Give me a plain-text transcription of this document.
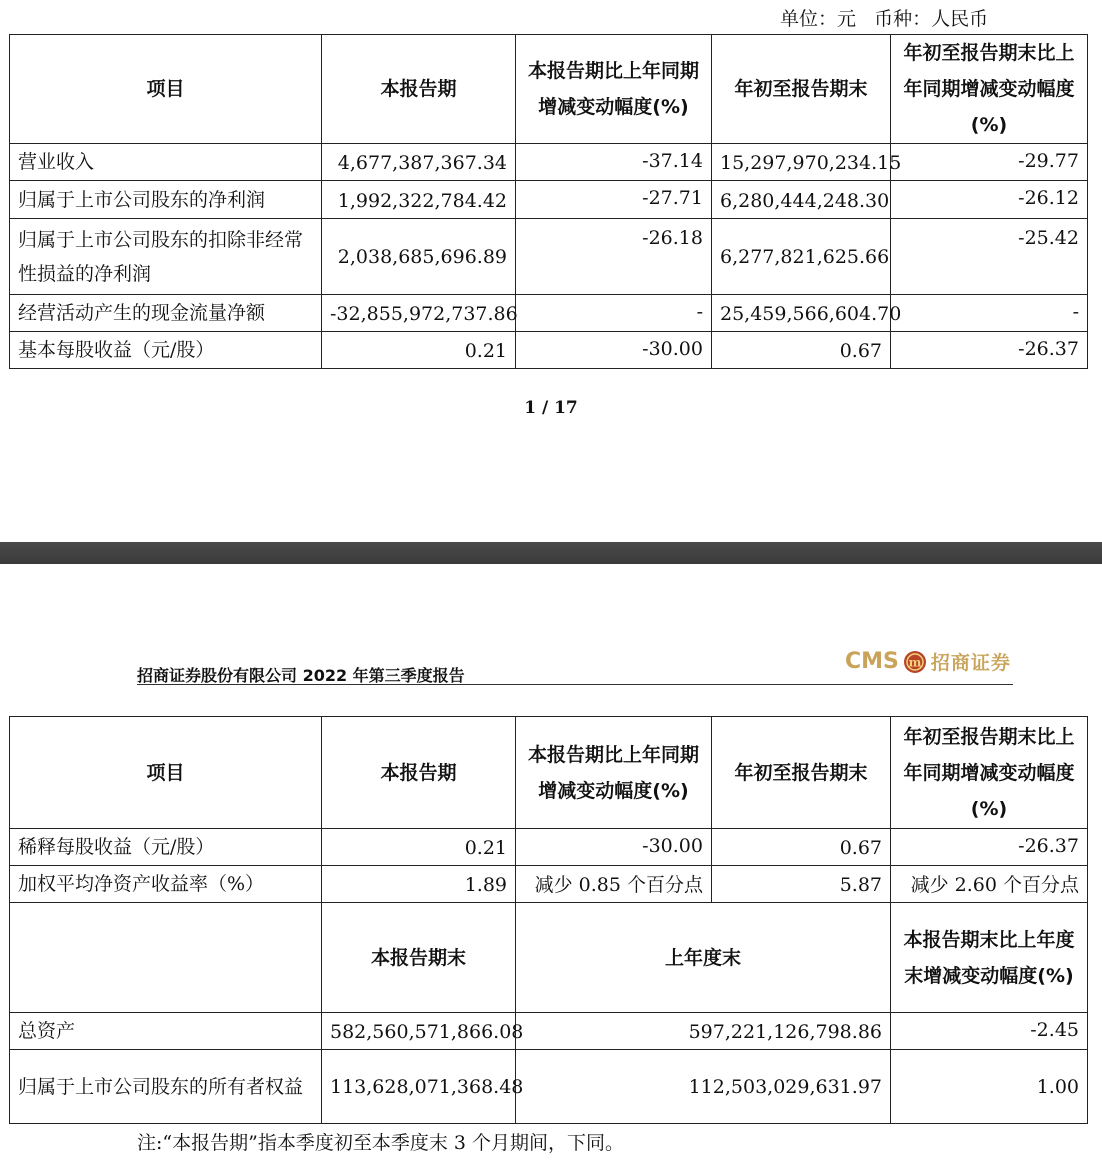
单位：元   币种：人民币
项目	本报告期	本报告期比上年同期增减变动幅度(%)	年初至报告期末	年初至报告期末比上年同期增减变动幅度(%)
营业收入	4,677,387,367.34	-37.14	15,297,970,234.15	-29.77
归属于上市公司股东的净利润	1,992,322,784.42	-27.71	6,280,444,248.30	-26.12
归属于上市公司股东的扣除非经常性损益的净利润	2,038,685,696.89	-26.18	6,277,821,625.66	-25.42
经营活动产生的现金流量净额	-32,855,972,737.86	-	25,459,566,604.70	-
基本每股收益（元/股）	0.21	-30.00	0.67	-26.37
1 / 17
招商证券股份有限公司 2022 年第三季度报告
CMS m 招商证券
项目	本报告期	本报告期比上年同期增减变动幅度(%)	年初至报告期末	年初至报告期末比上年同期增减变动幅度(%)
稀释每股收益（元/股）	0.21	-30.00	0.67	-26.37
加权平均净资产收益率（%）	1.89	减少 0.85 个百分点	5.87	减少 2.60 个百分点
	本报告期末	上年度末		本报告期末比上年度末增减变动幅度(%)
总资产	582,560,571,866.08	597,221,126,798.86		-2.45
归属于上市公司股东的所有者权益	113,628,071,368.48	112,503,029,631.97		1.00
注:“本报告期”指本季度初至本季度末 3 个月期间，下同。
